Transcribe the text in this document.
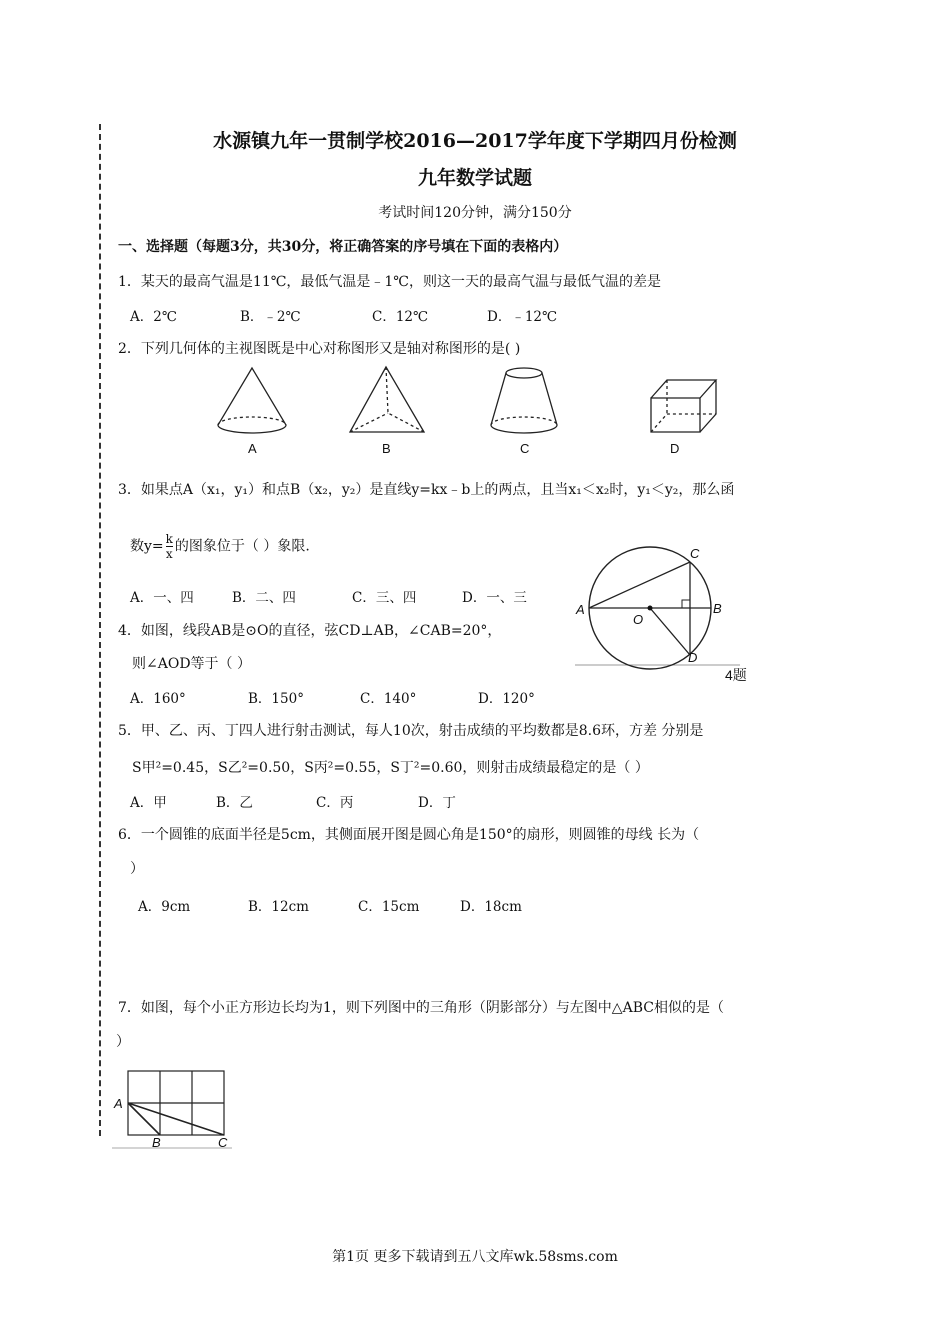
水源镇九年一贯制学校2016—2017学年度下学期四月份检测
九年数学试题
考试时间120分钟，满分150分
一、选择题（每题3分，共30分，将正确答案的序号填在下面的表格内）
1．某天的最高气温是11℃，最低气温是﹣1℃，则这一天的最高气温与最低气温的差是
A．2℃	B．﹣2℃	C．12℃	D．﹣12℃
2．下列几何体的主视图既是中心对称图形又是轴对称图形的是( )
A	B	C	D
3．如果点A（x₁，y₁）和点B（x₂，y₂）是直线y=kx﹣b上的两点，且当x₁＜x₂时，y₁＜y₂，那么函
数$y= \frac{k}{x}$ 的图象位于（ ）象限.
A．一、四	B．二、四	C．三、四	D．一、三
A	B
C
D
O
4题
4．如图，线段AB是⊙O的直径，弦CD⊥AB，∠CAB=20°，
则∠AOD等于（ ）
A．160°	B．150°	C．140°	D．120°
5．甲、乙、丙、丁四人进行射击测试，每人10次，射击成绩的平均数都是8.6环，方差 分别是
S甲²=0.45，S乙²=0.50，S丙²=0.55，S丁²=0.60，则射击成绩最稳定的是（ ）
A．甲	B．乙	C．丙	D．丁
6．一个圆锥的底面半径是5cm，其侧面展开图是圆心角是150°的扇形，则圆锥的母线 长为（
）
A．9cm	B．12cm	C．15cm	D．18cm
7．如图，每个小正方形边长均为1，则下列图中的三角形（阴影部分）与左图中△ABC相似的是（
）
A
B	C
第1页 更多下载请到五八文库wk.58sms.com
